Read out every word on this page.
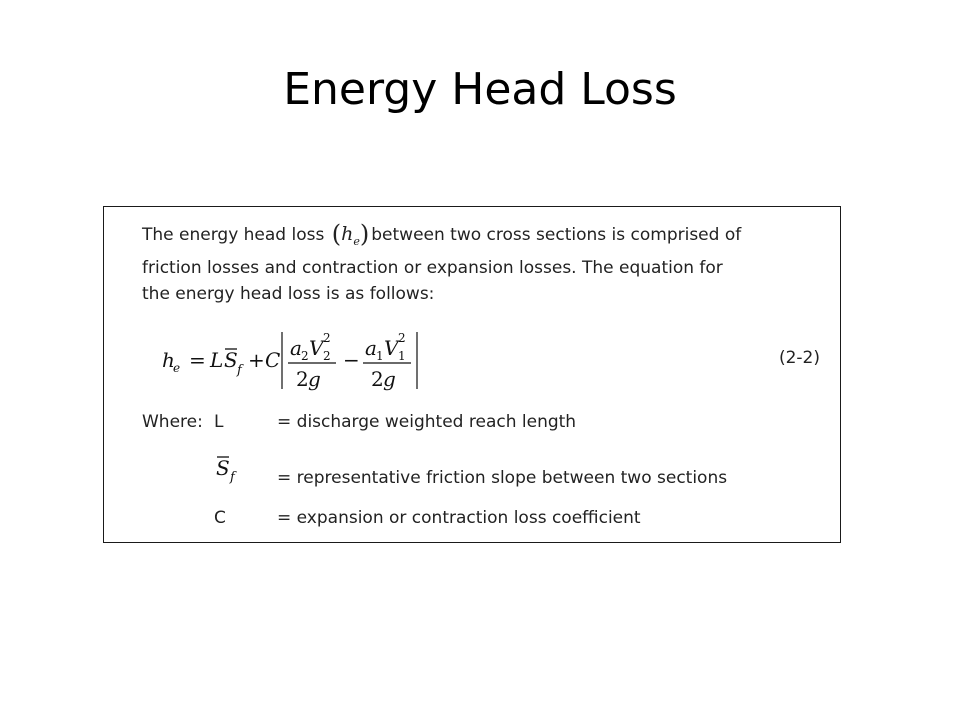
Energy Head Loss
The energy head loss $(h_e)$ between two cross sections is comprised of
friction losses and contraction or expansion losses. The equation for
the energy head loss is as follows:
h
e = L S f + C a 2 V 2
2
2 g
− a 1 V 1
2
2 g
(2-2)
Where: L	= discharge weighted reach length
S f = representative friction slope between two sections
C	= expansion or contraction loss coefficient
